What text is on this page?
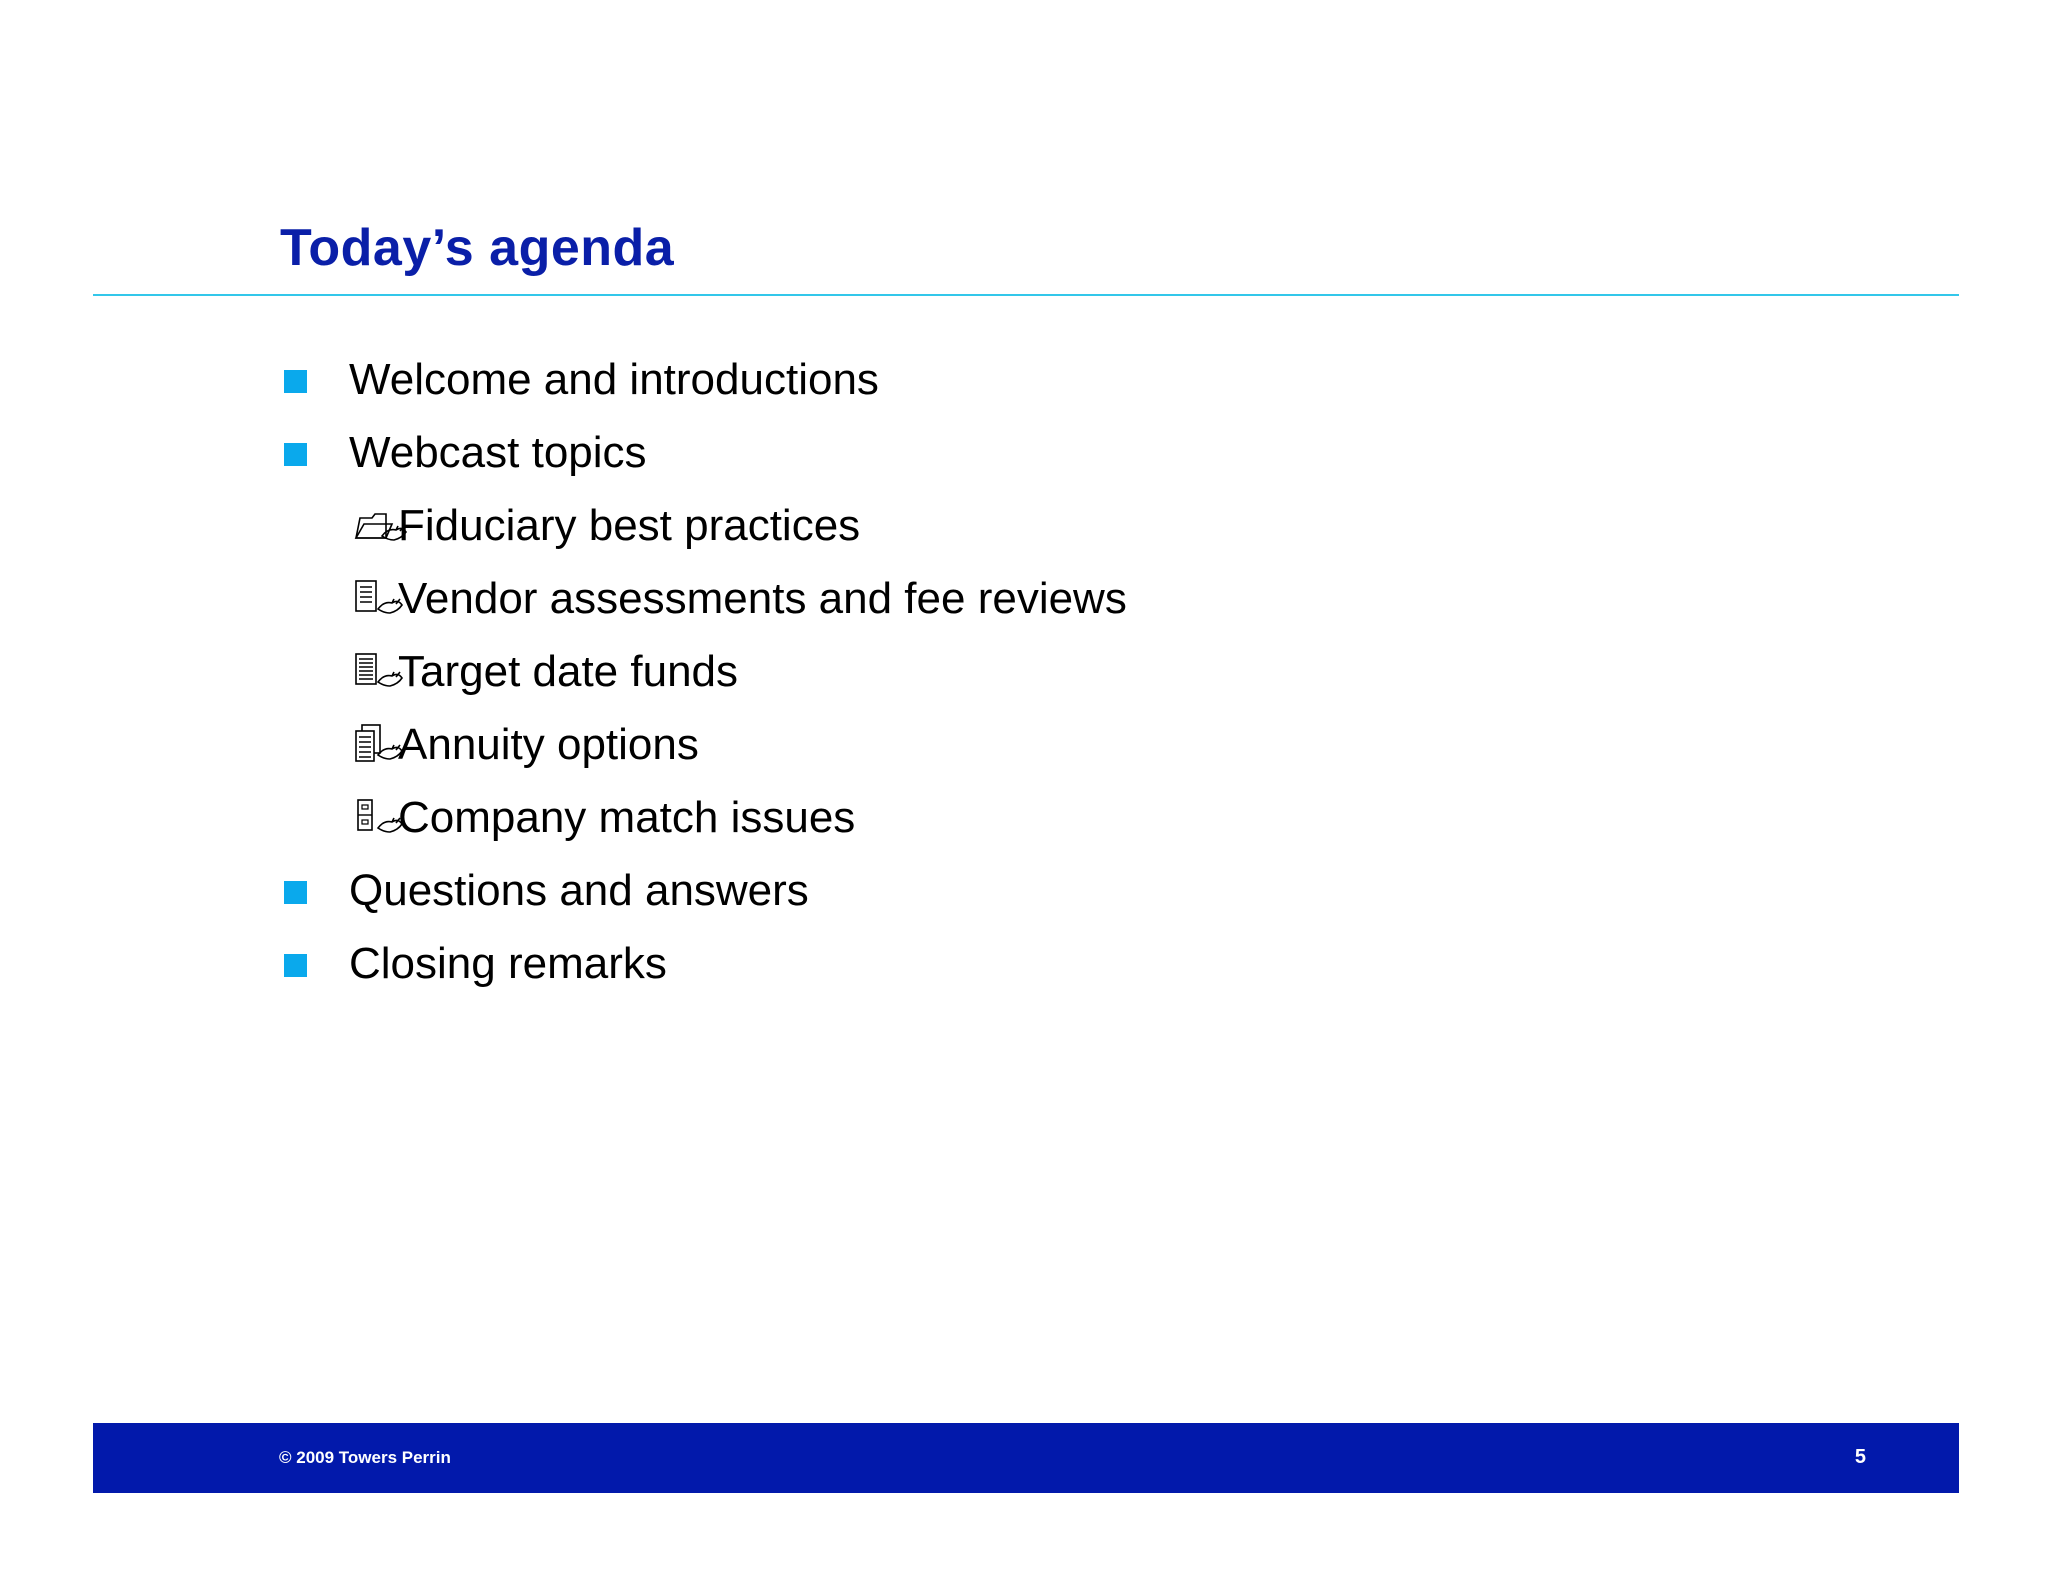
Today’s agenda
Welcome and introductions
Webcast topics
Fiduciary best practices
Vendor assessments and fee reviews
Target date funds
Annuity options
Company match issues
Questions and answers
Closing remarks
© 2009 Towers Perrin	5
